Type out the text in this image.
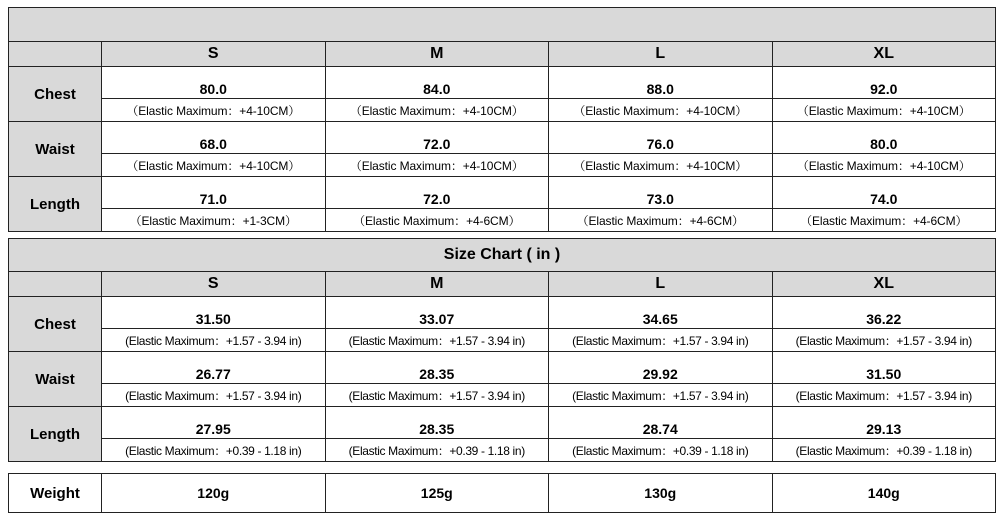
	S	M	L	XL
Chest	80.0	84.0	88.0	92.0
	（Elastic Maximum：+4-10CM）	（Elastic Maximum：+4-10CM）	（Elastic Maximum：+4-10CM）	（Elastic Maximum：+4-10CM）
Waist	68.0	72.0	76.0	80.0
	（Elastic Maximum：+4-10CM）	（Elastic Maximum：+4-10CM）	（Elastic Maximum：+4-10CM）	（Elastic Maximum：+4-10CM）
Length	71.0	72.0	73.0	74.0
	（Elastic Maximum：+1-3CM）	（Elastic Maximum：+4-6CM）	（Elastic Maximum：+4-6CM）	（Elastic Maximum：+4-6CM）
Size Chart ( in )				
	S	M	L	XL
Chest	31.50	33.07	34.65	36.22
	(Elastic Maximum：+1.57 - 3.94 in)	(Elastic Maximum：+1.57 - 3.94 in)	(Elastic Maximum：+1.57 - 3.94 in)	(Elastic Maximum：+1.57 - 3.94 in)
Waist	26.77	28.35	29.92	31.50
	(Elastic Maximum：+1.57 - 3.94 in)	(Elastic Maximum：+1.57 - 3.94 in)	(Elastic Maximum：+1.57 - 3.94 in)	(Elastic Maximum：+1.57 - 3.94 in)
Length	27.95	28.35	28.74	29.13
	(Elastic Maximum：+0.39 - 1.18 in)	(Elastic Maximum：+0.39 - 1.18 in)	(Elastic Maximum：+0.39 - 1.18 in)	(Elastic Maximum：+0.39 - 1.18 in)
Weight	120g	125g	130g	140g
